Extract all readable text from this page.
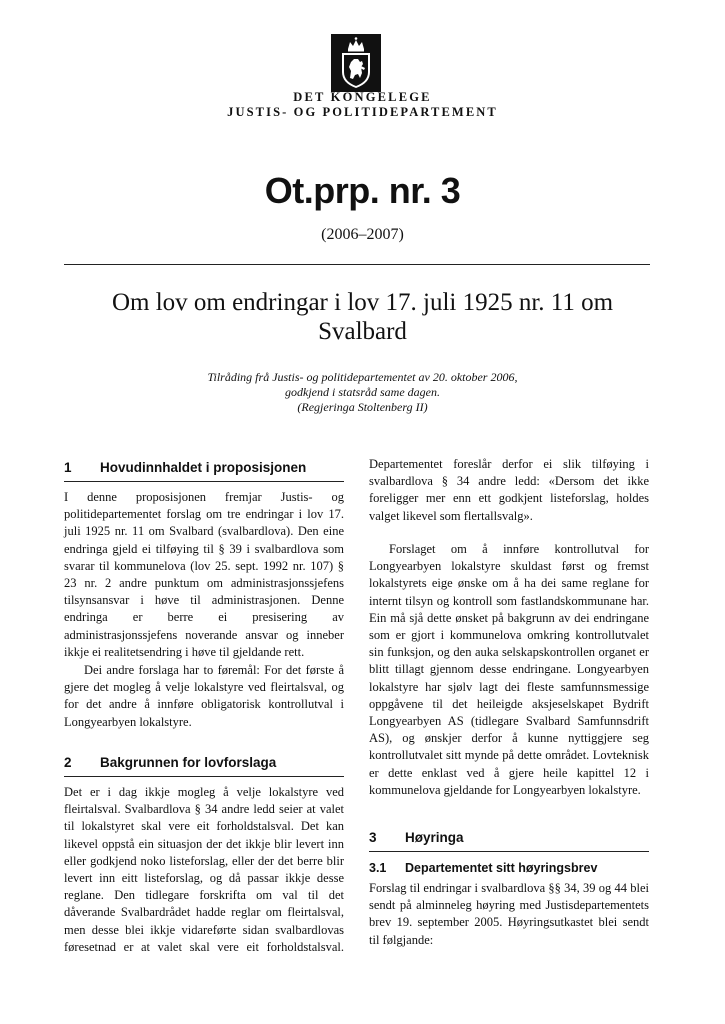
DET KONGELEGE
JUSTIS- OG POLITIDEPARTEMENT
Ot.prp. nr. 3
(2006–2007)
Om lov om endringar i lov 17. juli 1925 nr. 11 om Svalbard
Tilråding frå Justis- og politidepartementet av 20. oktober 2006,
godkjend i statsråd same dagen.
(Regjeringa Stoltenberg II)
1 Hovudinnhaldet i proposisjonen

I denne proposisjonen fremjar Justis- og politidepartementet forslag om tre endringar i lov 17. juli 1925 nr. 11 om Svalbard (svalbardlova). Den eine endringa gjeld ei tilføying til § 39 i svalbardlova som svarar til kommunelova (lov 25. sept. 1992 nr. 107) § 23 nr. 2 andre punktum om administrasjonssjefens tilsynsansvar i høve til administrasjonen. Denne endringa er berre ei presisering av administrasjonssjefens noverande ansvar og inneber ikkje ei realitetsendring i høve til gjeldande rett.

Dei andre forslaga har to føremål: For det første å gjere det mogleg å velje lokalstyre ved fleirtalsval, og for det andre å innføre obligatorisk kontrollutval i Longyearbyen lokalstyre.

2 Bakgrunnen for lovforslaga

Det er i dag ikkje mogleg å velje lokalstyre ved fleirtalsval. Svalbardlova § 34 andre ledd seier at valet til lokalstyret skal vere eit forholdstalsval. Det kan likevel oppstå ein situasjon der det ikkje blir levert inn eller godkjend noko listeforslag, eller der det berre blir levert inn eitt listeforslag, og då passar ikkje desse reglane. Den tidlegare forskrifta om val til det dåverande Svalbardrådet hadde reglar om fleirtalsval, men desse blei ikkje vidareførte sidan svalbardlovas føresetnad er at valet skal vere eit forholdstalsval.

Departementet foreslår derfor ei slik tilføying i svalbardlova § 34 andre ledd: «Dersom det ikke foreligger mer enn ett godkjent listeforslag, holdes valget likevel som flertallsvalg».

Forslaget om å innføre kontrollutval for Longyearbyen lokalstyre skuldast først og fremst lokalstyrets eige ønske om å ha dei same reglane for internt tilsyn og kontroll som fastlandskommunane har. Ein må sjå dette ønsket på bakgrunn av dei endringane som er gjort i kommunelova omkring kontrollutvalet sin funksjon, og den auka selskapskontrollen organet er blitt tillagt gjennom desse endringane. Longyearbyen lokalstyre har sjølv lagt dei fleste samfunnsmessige oppgåvene til det heileigde aksjeselskapet Bydrift Longyearbyen AS (tidlegare Svalbard Samfunnsdrift AS), og ønskjer derfor å kunne nyttiggjere seg kontrollutvalet sitt mynde på dette området. Lovteknisk er dette enklast ved å gjere heile kapittel 12 i kommunelova gjeldande for Longyearbyen lokalstyre.

3 Høyringa
3.1 Departementet sitt høyringsbrev

Forslag til endringar i svalbardlova §§ 34, 39 og 44 blei sendt på alminneleg høyring med Justisdepartementets brev 19. september 2005. Høyringsutkastet blei sendt til følgjande:
